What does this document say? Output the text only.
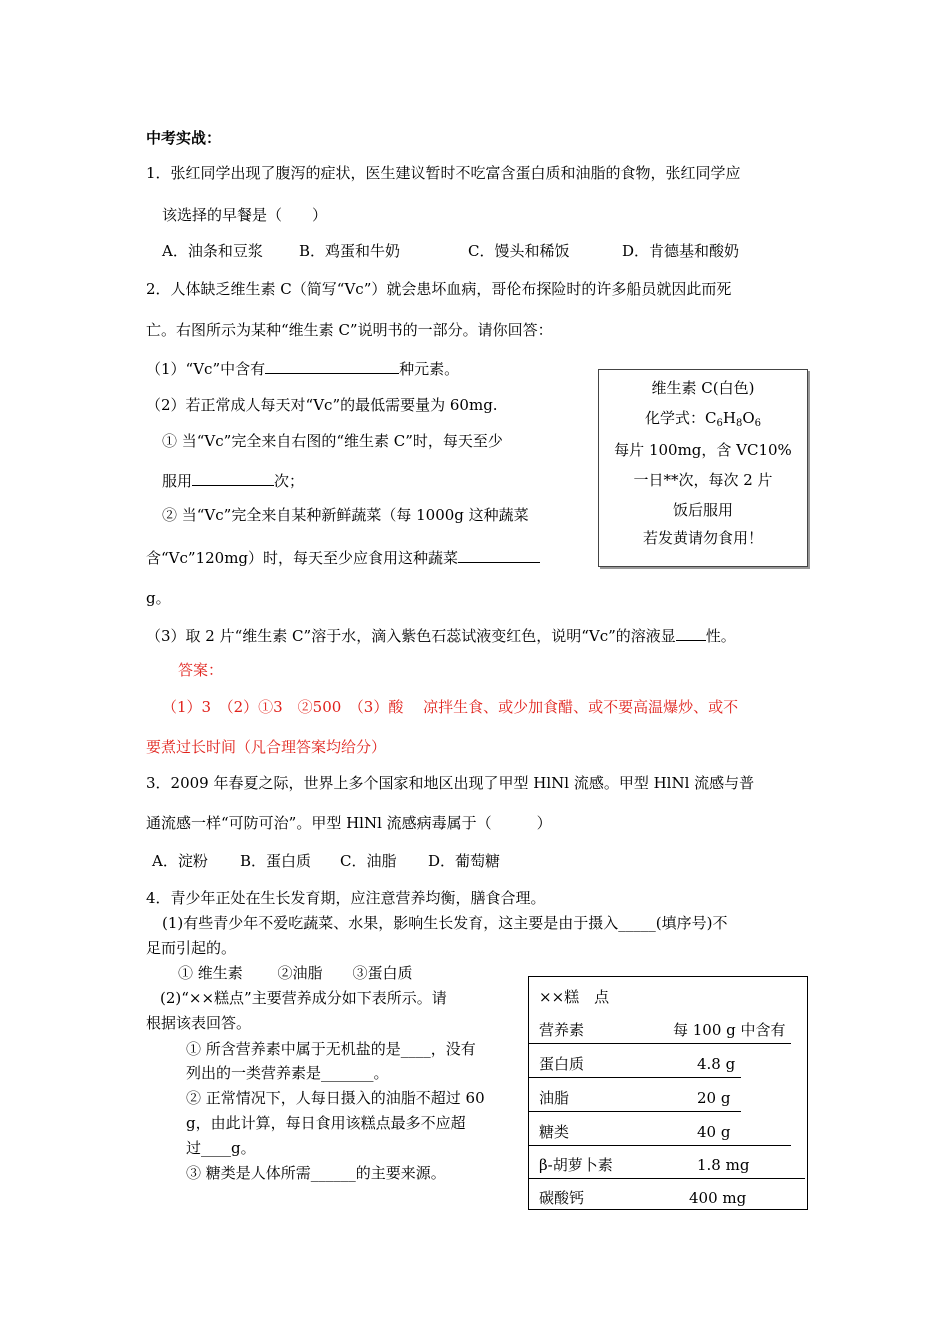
中考实战：
1．张红同学出现了腹泻的症状，医生建议暂时不吃富含蛋白质和油脂的食物，张红同学应
该选择的早餐是（　　）
A．油条和豆浆 B．鸡蛋和牛奶	C．馒头和稀饭	D．肯德基和酸奶
2．人体缺乏维生素 C（简写“Vc”）就会患坏血病，哥伦布探险时的许多船员就因此而死
亡。右图所示为某种“维生素 C”说明书的一部分。请你回答：
（1）“Vc”中含有	种元素。
（2）若正常成人每天对“Vc”的最低需要量为 60mg.
① 当“Vc”完全来自右图的“维生素 C”时，每天至少
服用	次；
② 当“Vc”完全来自某种新鲜蔬菜（每 1000g 这种蔬菜
含“Vc”120mg）时，每天至少应食用这种蔬菜
g。
（3）取 2 片“维生素 C”溶于水，滴入紫色石蕊试液变红色，说明“Vc”的溶液显 性。
答案：
（1）3　（2）①3　②500　（3）酸　 凉拌生食、或少加食醋、或不要高温爆炒、或不
要煮过长时间（凡合理答案均给分）
维生素 C(白色)
化学式：$C_6H_8O_6$
每片 100mg，含 VC10%
一日**次，每次 2 片
饭后服用
若发黄请勿食用！
3．2009 年春夏之际，世界上多个国家和地区出现了甲型 HlNl 流感。甲型 HlNl 流感与普
通流感一样“可防可治”。甲型 HlNl 流感病毒属于（　　　）
A．淀粉 B．蛋白质 C．油脂 D．葡萄糖
4．青少年正处在生长发育期，应注意营养均衡，膳食合理。
(1)有些青少年不爱吃蔬菜、水果，影响生长发育，这主要是由于摄入_____(填序号)不
足而引起的。
① 维生素　　 ②油脂　　③蛋白质
(2)“××糕点”主要营养成分如下表所示。请
根据该表回答。
① 所含营养素中属于无机盐的是____，没有
列出的一类营养素是_______。
② 正常情况下，人每日摄入的油脂不超过 60
g，由此计算，每日食用该糕点最多不应超
过____g。
③ 糖类是人体所需______的主要来源。
××糕　点
营养素	每 100 g 中含有
蛋白质	4.8 g
油脂	20 g
糖类	40 g
β-胡萝卜素	1.8 mg
碳酸钙	400 mg
